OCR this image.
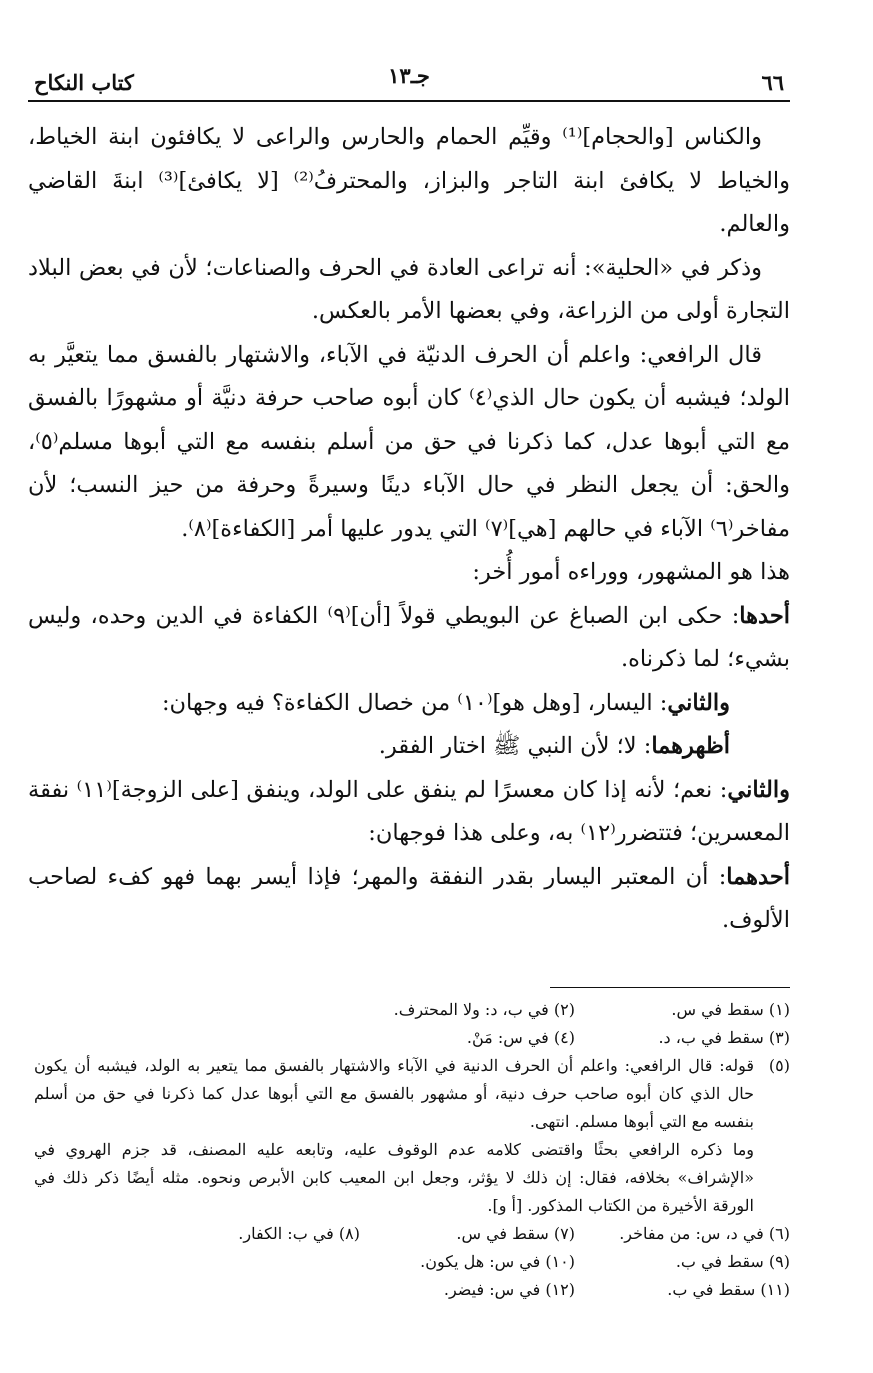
٦٦
جـ١٣
كتاب النكاح

والكناس [والحجام]⁽¹⁾ وقيِّم الحمام والحارس والراعى لا يكافئون ابنة الخياط، والخياط لا يكافئ ابنة التاجر والبزاز، والمحترفُ⁽²⁾ [لا يكافئ]⁽³⁾ ابنةَ القاضي والعالم.

وذكر في «الحلية»: أنه تراعى العادة في الحرف والصناعات؛ لأن في بعض البلاد التجارة أولى من الزراعة، وفي بعضها الأمر بالعكس.

قال الرافعي: واعلم أن الحرف الدنيّة في الآباء، والاشتهار بالفسق مما يتعيَّر به الولد؛ فيشبه أن يكون حال الذي⁽٤⁾ كان أبوه صاحب حرفة دنيَّة أو مشهورًا بالفسق مع التي أبوها عدل، كما ذكرنا في حق من أسلم بنفسه مع التي أبوها مسلم⁽٥⁾، والحق: أن يجعل النظر في حال الآباء دينًا وسيرةً وحرفة من حيز النسب؛ لأن مفاخر⁽٦⁾ الآباء في حالهم [هي]⁽٧⁾ التي يدور عليها أمر [الكفاءة]⁽٨⁾.

هذا هو المشهور، ووراءه أمور أُخر:

أحدها: حكى ابن الصباغ عن البويطي قولاً [أن]⁽٩⁾ الكفاءة في الدين وحده، وليس بشيء؛ لما ذكرناه.

والثاني: اليسار، [وهل هو]⁽١٠⁾ من خصال الكفاءة؟ فيه وجهان:

أظهرهما: لا؛ لأن النبي ﷺ اختار الفقر.

والثاني: نعم؛ لأنه إذا كان معسرًا لم ينفق على الولد، وينفق [على الزوجة]⁽١١⁾ نفقة المعسرين؛ فتتضرر⁽١٢⁾ به، وعلى هذا فوجهان:

أحدهما: أن المعتبر اليسار بقدر النفقة والمهر؛ فإذا أيسر بهما فهو كفء لصاحب الألوف.

(١) سقط في س.
(٢) في ب، د: ولا المحترف.
(٣) سقط في ب، د.
(٤) في س: مَنْ.
(٥)
قوله: قال الرافعي: واعلم أن الحرف الدنية في الآباء والاشتهار بالفسق مما يتعير به الولد، فيشبه أن يكون حال الذي كان أبوه صاحب حرف دنية، أو مشهور بالفسق مع التي أبوها عدل كما ذكرنا في حق من أسلم بنفسه مع التي أبوها مسلم. انتهى.
وما ذكره الرافعي بحثًا واقتضى كلامه عدم الوقوف عليه، وتابعه عليه المصنف، قد جزم الهروي في «الإشراف» بخلافه، فقال: إن ذلك لا يؤثر، وجعل ابن المعيب كابن الأبرص ونحوه. مثله أيضًا ذكر ذلك في الورقة الأخيرة من الكتاب المذكور. [أ و].
(٦) في د، س: من مفاخر.
(٧) سقط في س.
(٨) في ب: الكفار.
(٩) سقط في ب.
(١٠) في س: هل يكون.
(١١) سقط في ب.
(١٢) في س: فيضر.
